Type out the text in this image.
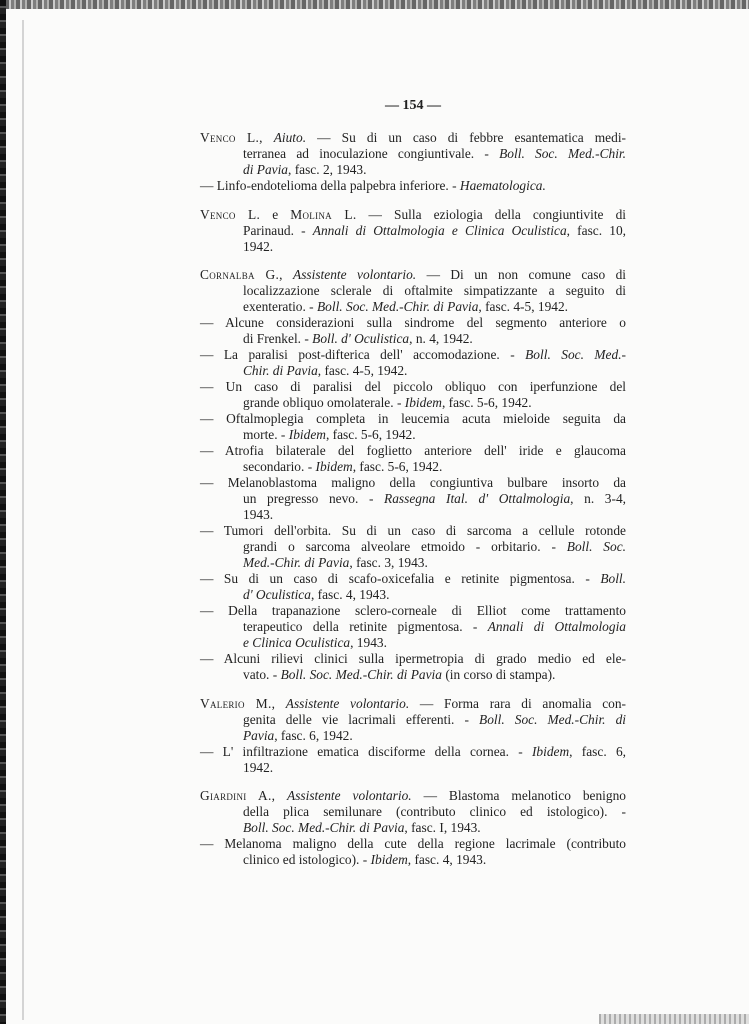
— 154 —
Venco L., Aiuto. — Su di un caso di febbre esantematica medi-
terranea ad inoculazione congiuntivale. - Boll. Soc. Med.-Chir.
di Pavia, fasc. 2, 1943.
— Linfo-endotelioma della palpebra inferiore. - Haematologica.
Venco L. e Molina L. — Sulla eziologia della congiuntivite di
Parinaud. - Annali di Ottalmologia e Clinica Oculistica, fasc. 10,
1942.
Cornalba G., Assistente volontario. — Di un non comune caso di
localizzazione sclerale di oftalmite simpatizzante a seguito di
exenteratio. - Boll. Soc. Med.-Chir. di Pavia, fasc. 4-5, 1942.
— Alcune considerazioni sulla sindrome del segmento anteriore o
di Frenkel. - Boll. d' Oculistica, n. 4, 1942.
— La paralisi post-difterica dell' accomodazione. - Boll. Soc. Med.-
Chir. di Pavia, fasc. 4-5, 1942.
— Un caso di paralisi del piccolo obliquo con iperfunzione del
grande obliquo omolaterale. - Ibidem, fasc. 5-6, 1942.
— Oftalmoplegia completa in leucemia acuta mieloide seguita da
morte. - Ibidem, fasc. 5-6, 1942.
— Atrofia bilaterale del foglietto anteriore dell' iride e glaucoma
secondario. - Ibidem, fasc. 5-6, 1942.
— Melanoblastoma maligno della congiuntiva bulbare insorto da
un pregresso nevo. - Rassegna Ital. d' Ottalmologia, n. 3-4,
1943.
— Tumori dell'orbita. Su di un caso di sarcoma a cellule rotonde
grandi o sarcoma alveolare etmoido - orbitario. - Boll. Soc.
Med.-Chir. di Pavia, fasc. 3, 1943.
— Su di un caso di scafo-oxicefalia e retinite pigmentosa. - Boll.
d' Oculistica, fasc. 4, 1943.
— Della trapanazione sclero-corneale di Elliot come trattamento
terapeutico della retinite pigmentosa. - Annali di Ottalmologia
e Clinica Oculistica, 1943.
— Alcuni rilievi clinici sulla ipermetropia di grado medio ed ele-
vato. - Boll. Soc. Med.-Chir. di Pavia (in corso di stampa).
Valerio M., Assistente volontario. — Forma rara di anomalia con-
genita delle vie lacrimali efferenti. - Boll. Soc. Med.-Chir. di
Pavia, fasc. 6, 1942.
— L' infiltrazione ematica disciforme della cornea. - Ibidem, fasc. 6,
1942.
Giardini A., Assistente volontario. — Blastoma melanotico benigno
della plica semilunare (contributo clinico ed istologico). -
Boll. Soc. Med.-Chir. di Pavia, fasc. I, 1943.
— Melanoma maligno della cute della regione lacrimale (contributo
clinico ed istologico). - Ibidem, fasc. 4, 1943.
